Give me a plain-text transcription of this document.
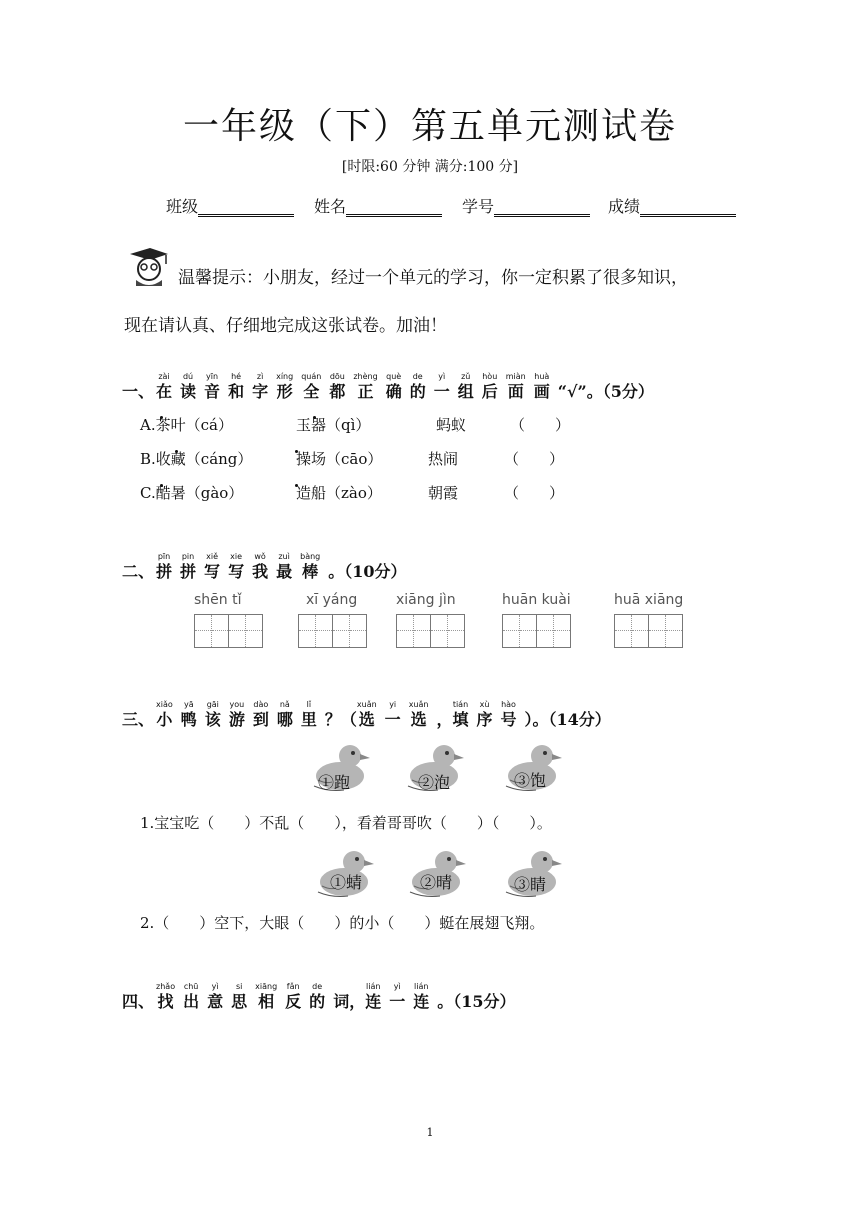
一年级（下）第五单元测试卷
[时限:60 分钟 满分:100 分]
班级	姓名	学号	成绩
温馨提示：小朋友，经过一个单元的学习，你一定积累了很多知识，
现在请认真、仔细地完成这张试卷。加油！
一、
zài
在
dú
读
yīn
音
hé
和
zì
字
xíng
形
quán
全
dōu
都
zhèng
正
què
确
de
的
yì
一
zǔ
组
hòu
后
miàn
面
huà
画 “√”。（5分）
A.茶叶（cá）	玉器（qì）	蚂蚁	（　　）
B.收藏（cáng）	操场（cāo）	热闹	（　　）
C.酷暑（gào）	造船（zào）	朝霞	（　　）
二、
pīn
拼
pin
拼
xiě
写
xie
写
wǒ
我
zuì
最
bàng
棒 。（10分）
shēn tǐ	xī yáng	xiāng jìn	huān kuài	huā xiāng
三、
xiǎo
小
yā
鸭
gāi
该
you
游
dào
到
nǎ
哪
lǐ
里 ？（
xuǎn
选
yi
一
xuǎn
选 ，
tián
填
xù
序
hào
号 ）。（14分）
①跑	②泡	③饱
1.宝宝吃（　　）不乱（　　），看着哥哥吹（　　）（　　）。
①蜻	②晴	③睛
2.（　　）空下，大眼（　　）的小（　　）蜓在展翅飞翔。
四、
zhǎo
找
chū
出
yì
意
si
思
xiāng
相
fǎn
反
de
的 词，
lián
连
yì
一
lián
连 。（15分）
1
